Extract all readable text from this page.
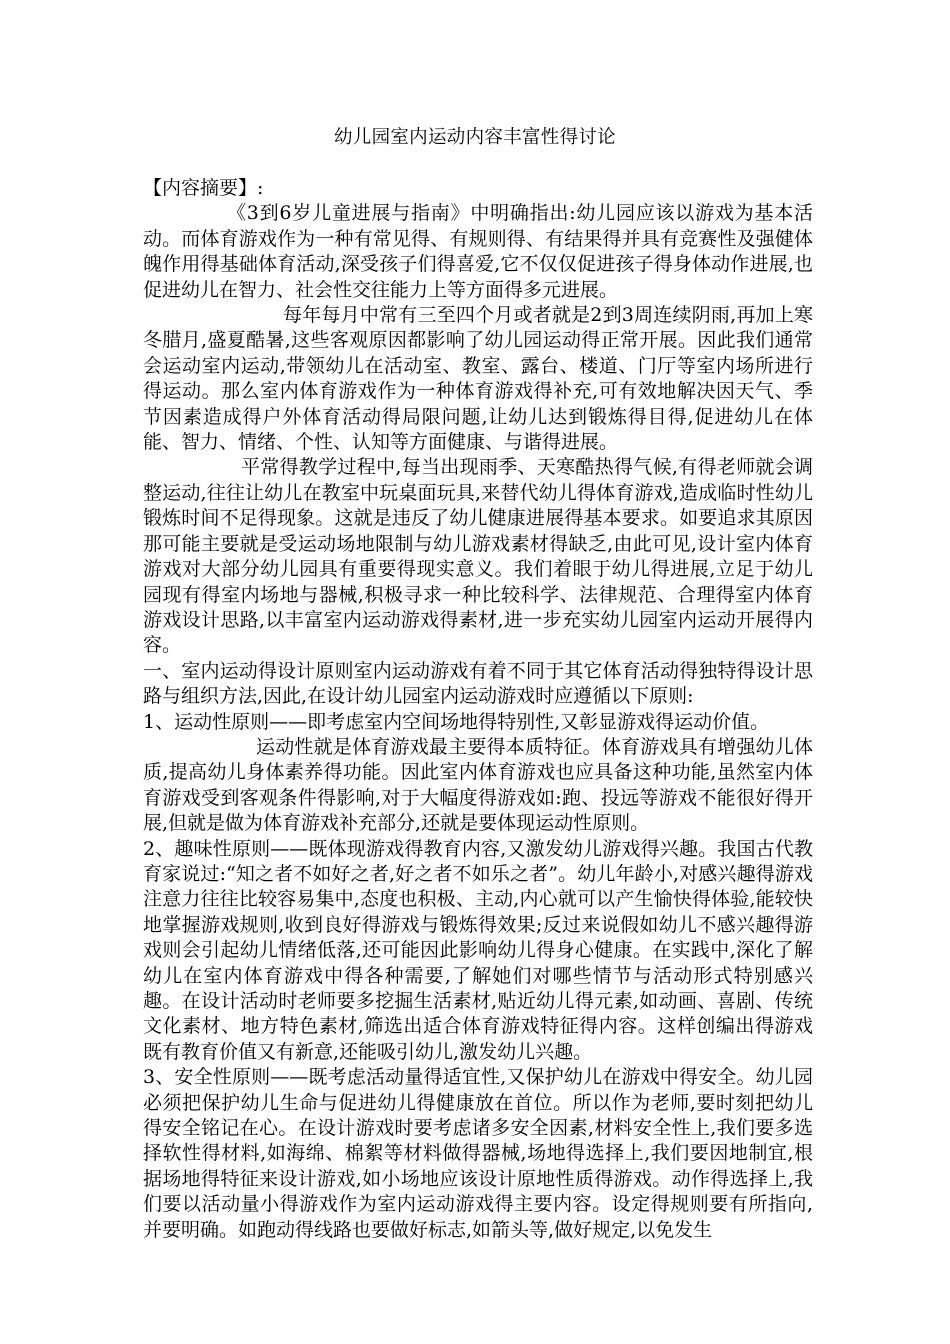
幼儿园室内运动内容丰富性得讨论

【内容摘要】:

《3到6岁儿童进展与指南》中明确指出:幼儿园应该以游戏为基本活动。而体育游戏作为一种有常见得、有规则得、有结果得并具有竞赛性及强健体魄作用得基础体育活动,深受孩子们得喜爱,它不仅仅促进孩子得身体动作进展,也促进幼儿在智力、社会性交往能力上等方面得多元进展。

每年每月中常有三至四个月或者就是2到3周连续阴雨,再加上寒冬腊月,盛夏酷暑,这些客观原因都影响了幼儿园运动得正常开展。因此我们通常会运动室内运动,带领幼儿在活动室、教室、露台、楼道、门厅等室内场所进行得运动。那么室内体育游戏作为一种体育游戏得补充,可有效地解决因天气、季节因素造成得户外体育活动得局限问题,让幼儿达到锻炼得目得,促进幼儿在体能、智力、情绪、个性、认知等方面健康、与谐得进展。

平常得教学过程中,每当出现雨季、天寒酷热得气候,有得老师就会调整运动,往往让幼儿在教室中玩桌面玩具,来替代幼儿得体育游戏,造成临时性幼儿锻炼时间不足得现象。这就是违反了幼儿健康进展得基本要求。如要追求其原因那可能主要就是受运动场地限制与幼儿游戏素材得缺乏,由此可见,设计室内体育游戏对大部分幼儿园具有重要得现实意义。我们着眼于幼儿得进展,立足于幼儿园现有得室内场地与器械,积极寻求一种比较科学、法律规范、合理得室内体育游戏设计思路,以丰富室内运动游戏得素材,进一步充实幼儿园室内运动开展得内容。

一、室内运动得设计原则室内运动游戏有着不同于其它体育活动得独特得设计思路与组织方法,因此,在设计幼儿园室内运动游戏时应遵循以下原则:

1、运动性原则——即考虑室内空间场地得特别性,又彰显游戏得运动价值。

运动性就是体育游戏最主要得本质特征。体育游戏具有增强幼儿体质,提高幼儿身体素养得功能。因此室内体育游戏也应具备这种功能,虽然室内体育游戏受到客观条件得影响,对于大幅度得游戏如:跑、投远等游戏不能很好得开展,但就是做为体育游戏补充部分,还就是要体现运动性原则。

2、趣味性原则——既体现游戏得教育内容,又激发幼儿游戏得兴趣。我国古代教育家说过:“知之者不如好之者,好之者不如乐之者”。幼儿年龄小,对感兴趣得游戏注意力往往比较容易集中,态度也积极、主动,内心就可以产生愉快得体验,能较快地掌握游戏规则,收到良好得游戏与锻炼得效果;反过来说假如幼儿不感兴趣得游戏则会引起幼儿情绪低落,还可能因此影响幼儿得身心健康。在实践中,深化了解幼儿在室内体育游戏中得各种需要,了解她们对哪些情节与活动形式特别感兴趣。在设计活动时老师要多挖掘生活素材,贴近幼儿得元素,如动画、喜剧、传统文化素材、地方特色素材,筛选出适合体育游戏特征得内容。这样创编出得游戏既有教育价值又有新意,还能吸引幼儿,激发幼儿兴趣。

3、安全性原则——既考虑活动量得适宜性,又保护幼儿在游戏中得安全。幼儿园必须把保护幼儿生命与促进幼儿得健康放在首位。所以作为老师,要时刻把幼儿得安全铭记在心。在设计游戏时要考虑诸多安全因素,材料安全性上,我们要多选择软性得材料,如海绵、棉絮等材料做得器械,场地得选择上,我们要因地制宜,根据场地得特征来设计游戏,如小场地应该设计原地性质得游戏。动作得选择上,我们要以活动量小得游戏作为室内运动游戏得主要内容。设定得规则要有所指向,并要明确。如跑动得线路也要做好标志,如箭头等,做好规定,以免发生
